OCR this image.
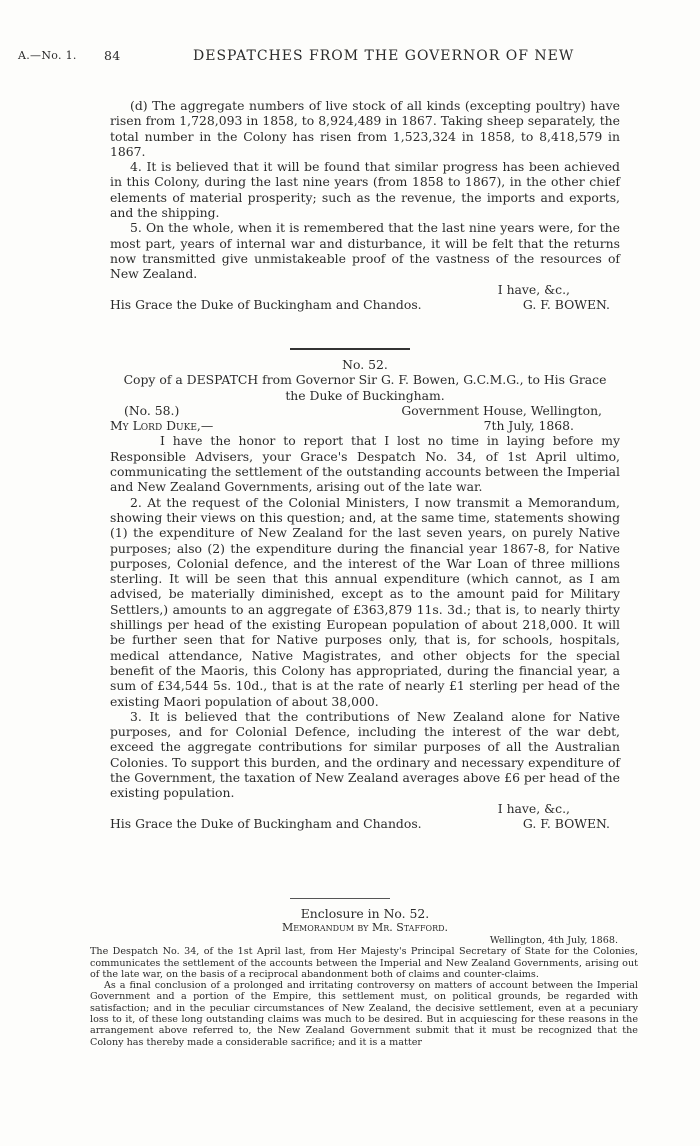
A.—No. 1. 84	DESPATCHES FROM THE GOVERNOR OF NEW

(d) The aggregate numbers of live stock of all kinds (excepting poultry) have risen from 1,728,093 in 1858, to 8,924,489 in 1867. Taking sheep separately, the total number in the Colony has risen from 1,523,324 in 1858, to 8,418,579 in 1867.

4. It is believed that it will be found that similar progress has been achieved in this Colony, during the last nine years (from 1858 to 1867), in the other chief elements of material prosperity; such as the revenue, the imports and exports, and the shipping.

5. On the whole, when it is remembered that the last nine years were, for the most part, years of internal war and disturbance, it will be felt that the returns now transmitted give unmistakeable proof of the vastness of the resources of New Zealand.

I have, &c.,
His Grace the Duke of Buckingham and Chandos.	G. F. BOWEN.
No. 52.
Copy of a DESPATCH from Governor Sir G. F. Bowen, G.C.M.G., to His Grace the Duke of Buckingham.
(No. 58.)	Government House, Wellington,
My Lord Duke,—	7th July, 1868.

I have the honor to report that I lost no time in laying before my Responsible Advisers, your Grace's Despatch No. 34, of 1st April ultimo, communicating the settlement of the outstanding accounts between the Imperial and New Zealand Governments, arising out of the late war.

2. At the request of the Colonial Ministers, I now transmit a Memorandum, showing their views on this question; and, at the same time, statements showing (1) the expenditure of New Zealand for the last seven years, on purely Native purposes; also (2) the expenditure during the financial year 1867-8, for Native purposes, Colonial defence, and the interest of the War Loan of three millions sterling. It will be seen that this annual expenditure (which cannot, as I am advised, be materially diminished, except as to the amount paid for Military Settlers,) amounts to an aggregate of £363,879 11s. 3d.; that is, to nearly thirty shillings per head of the existing European population of about 218,000. It will be further seen that for Native purposes only, that is, for schools, hospitals, medical attendance, Native Magistrates, and other objects for the special benefit of the Maoris, this Colony has appropriated, during the financial year, a sum of £34,544 5s. 10d., that is at the rate of nearly £1 sterling per head of the existing Maori population of about 38,000.

3. It is believed that the contributions of New Zealand alone for Native purposes, and for Colonial Defence, including the interest of the war debt, exceed the aggregate contributions for similar purposes of all the Australian Colonies. To support this burden, and the ordinary and necessary expenditure of the Government, the taxation of New Zealand averages above £6 per head of the existing population.

I have, &c.,
His Grace the Duke of Buckingham and Chandos.	G. F. BOWEN.
Enclosure in No. 52.
Memorandum by Mr. Stafford.
Wellington, 4th July, 1868.

The Despatch No. 34, of the 1st April last, from Her Majesty's Principal Secretary of State for the Colonies, communicates the settlement of the accounts between the Imperial and New Zealand Governments, arising out of the late war, on the basis of a reciprocal abandonment both of claims and counter-claims.

As a final conclusion of a prolonged and irritating controversy on matters of account between the Imperial Government and a portion of the Empire, this settlement must, on political grounds, be regarded with satisfaction; and in the peculiar circumstances of New Zealand, the decisive settlement, even at a pecuniary loss to it, of these long outstanding claims was much to be desired. But in acquiescing for these reasons in the arrangement above referred to, the New Zealand Government submit that it must be recognized that the Colony has thereby made a considerable sacrifice; and it is a matter
